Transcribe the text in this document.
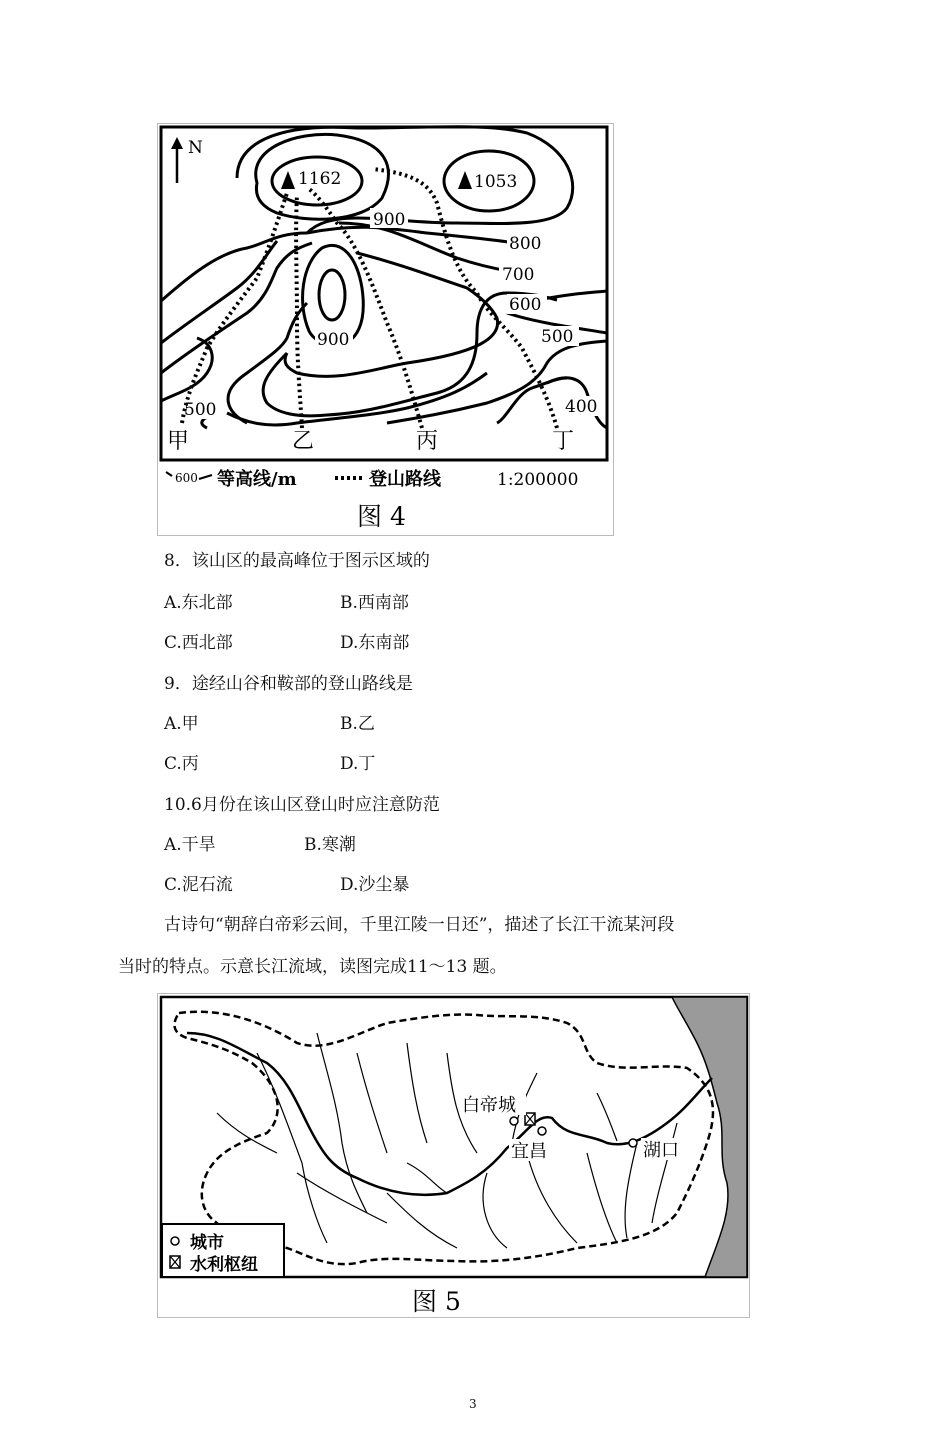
N
1162	1053
900
800
700
600
500
900
500	400
甲	乙	丙	丁
600 等高线/m	登山路线	1:200000
图 4
8．该山区的最高峰位于图示区域的
A.东北部	B.西南部
C.西北部	D.东南部
9．途经山谷和鞍部的登山路线是
A.甲	B.乙
C.丙	D.丁
10.6月份在该山区登山时应注意防范
A.干旱	B.寒潮
C.泥石流	D.沙尘暴
古诗句“朝辞白帝彩云间，千里江陵一日还”，描述了长江干流某河段
当时的特点。示意长江流域，读图完成11～13 题。
白帝城
宜昌	湖口
城市
水利枢纽
图 5
3
